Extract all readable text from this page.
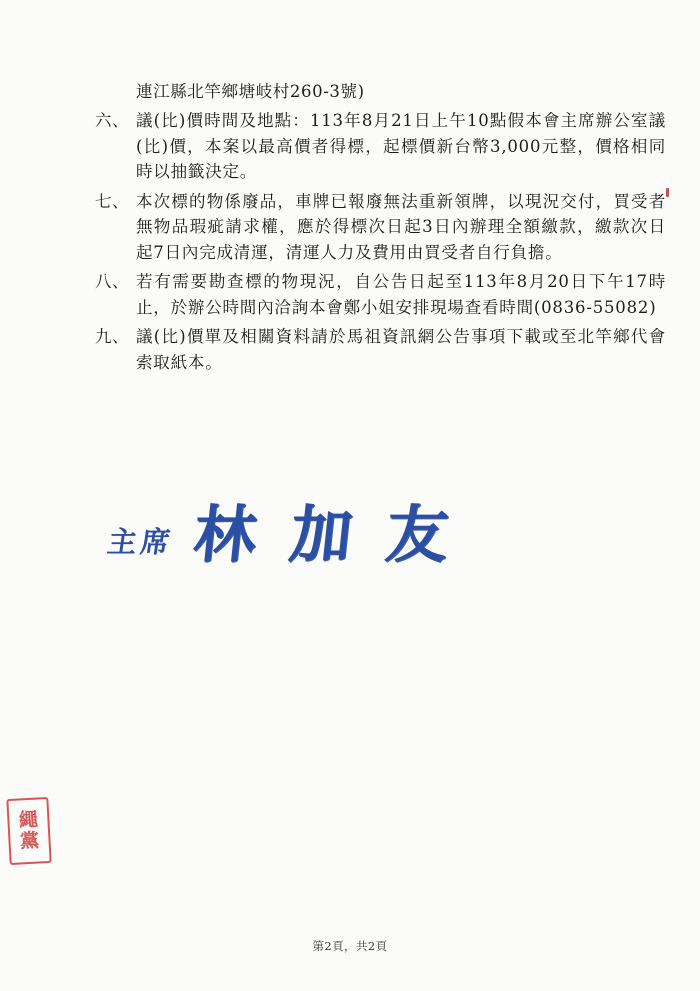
連江縣北竿鄉塘岐村260-3號)
六、 議(比)價時間及地點：113年8月21日上午10點假本會主席辦公室議(比)價，本案以最高價者得標，起標價新台幣3,000元整，價格相同時以抽籤決定。
七、 本次標的物係廢品，車牌已報廢無法重新領牌，以現況交付，買受者無物品瑕疵請求權，應於得標次日起3日內辦理全額繳款，繳款次日起7日內完成清運，清運人力及費用由買受者自行負擔。
八、 若有需要勘查標的物現況，自公告日起至113年8月20日下午17時止，於辦公時間內洽詢本會鄭小姐安排現場查看時間(0836-55082)
九、 議(比)價單及相關資料請於馬祖資訊網公告事項下載或至北竿鄉代會索取紙本。
主席 林加友
繩
黨
第2頁，共2頁
